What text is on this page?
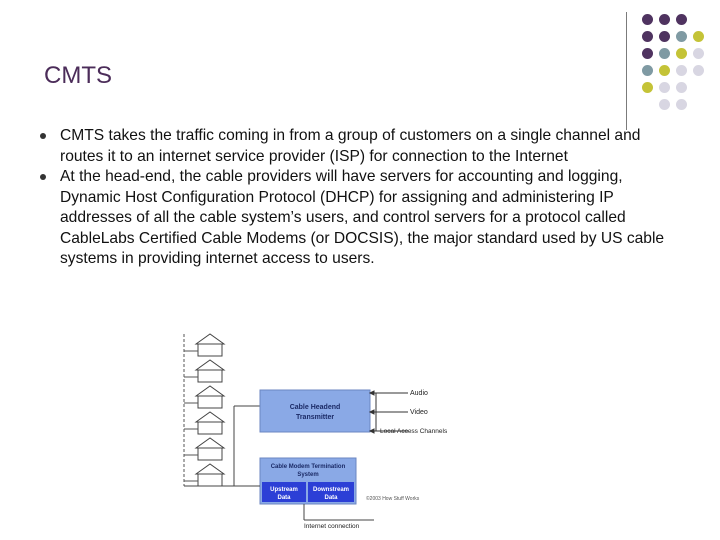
CMTS
CMTS takes the traffic coming in from a group of customers on a single channel and routes it to an internet service provider (ISP) for connection to the Internet
At the head-end, the cable providers will have servers for accounting and logging, Dynamic Host Configuration Protocol (DHCP) for assigning and administering IP addresses of all the cable system’s users, and control servers for a protocol called CableLabs Certified Cable Modems (or DOCSIS), the major standard used by US cable systems in providing internet access to users.
Cable Headend
Transmitter
Audio
Video
Local Access Channels
Cable Modem Termination
System
Upstream
Data
Downstream
Data	©2003 How Stuff Works
Internet connection
